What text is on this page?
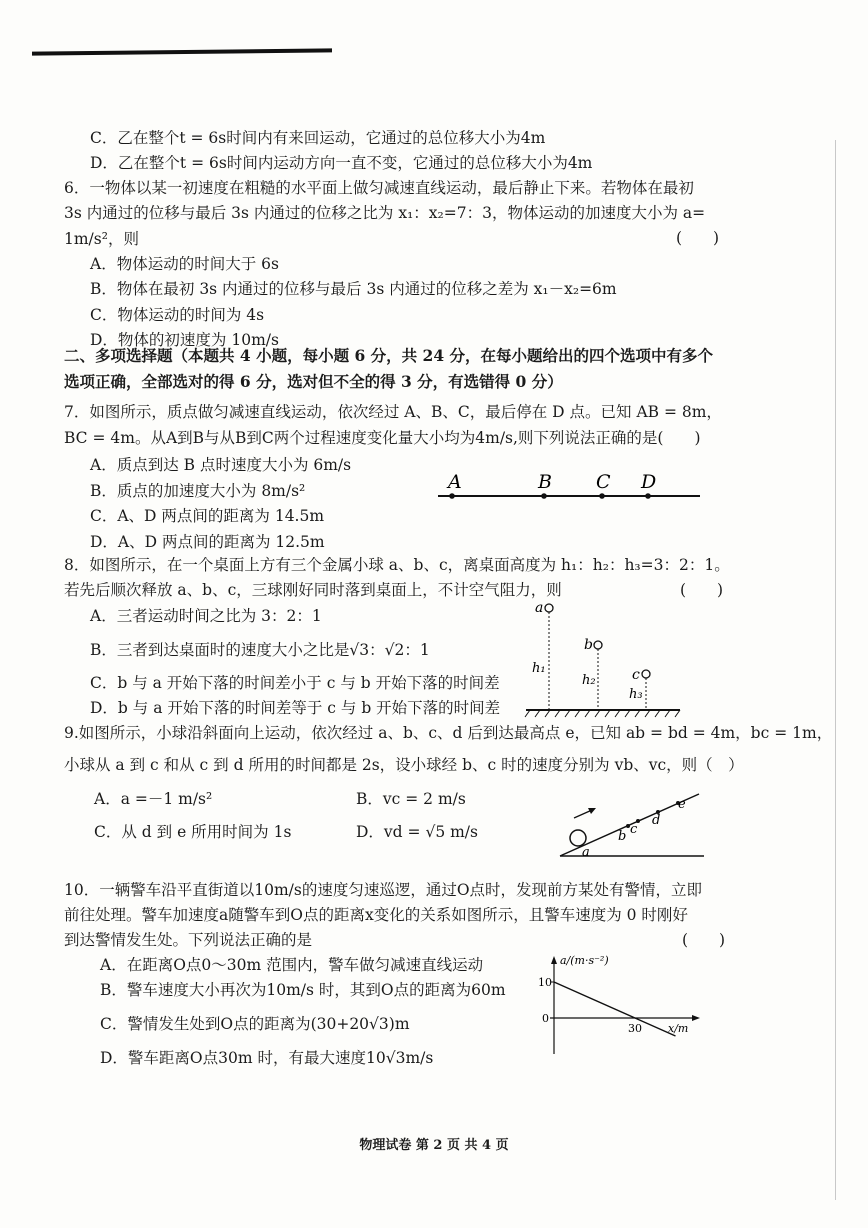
C．乙在整个t = 6s时间内有来回运动，它通过的总位移大小为4m
D．乙在整个t = 6s时间内运动方向一直不变，它通过的总位移大小为4m
6．一物体以某一初速度在粗糙的水平面上做匀减速直线运动，最后静止下来。若物体在最初
3s 内通过的位移与最后 3s 内通过的位移之比为 x₁：x₂=7：3，物体运动的加速度大小为 a=
1m/s²，则	(　　)
A．物体运动的时间大于 6s
B．物体在最初 3s 内通过的位移与最后 3s 内通过的位移之差为 x₁－x₂=6m
C．物体运动的时间为 4s
D．物体的初速度为 10m/s
二、多项选择题（本题共 4 小题，每小题 6 分，共 24 分，在每小题给出的四个选项中有多个
选项正确，全部选对的得 6 分，选对但不全的得 3 分，有选错得 0 分）
7．如图所示，质点做匀减速直线运动，依次经过 A、B、C，最后停在 D 点。已知 AB = 8m，
BC = 4m。从A到B与从B到C两个过程速度变化量大小均为4m/s,则下列说法正确的是(　　)
A．质点到达 B 点时速度大小为 6m/s
B．质点的加速度大小为 8m/s²
C．A、D 两点间的距离为 14.5m
D．A、D 两点间的距离为 12.5m
A	B C D
8．如图所示，在一个桌面上方有三个金属小球 a、b、c，离桌面高度为 h₁：h₂：h₃=3：2：1。
若先后顺次释放 a、b、c，三球刚好同时落到桌面上，不计空气阻力，则	(　　)
A．三者运动时间之比为 3：2：1
B．三者到达桌面时的速度大小之比是√3：√2：1
C．b 与 a 开始下落的时间差小于 c 与 b 开始下落的时间差
D．b 与 a 开始下落的时间差等于 c 与 b 开始下落的时间差
a
b
c
h₁
h₂
h₃
9.如图所示，小球沿斜面向上运动，依次经过 a、b、c、d 后到达最高点 e，已知 ab = bd = 4m，bc = 1m，
小球从 a 到 c 和从 c 到 d 所用的时间都是 2s，设小球经 b、c 时的速度分别为 vb、vc，则（　）
A．a =－1 m/s²	B．vc = 2 m/s
C．从 d 到 e 所用时间为 1s	D．vd = √5 m/s
a
b c
d
e
10．一辆警车沿平直街道以10m/s的速度匀速巡逻，通过O点时，发现前方某处有警情，立即
前往处理。警车加速度a随警车到O点的距离x变化的关系如图所示，且警车速度为 0 时刚好
到达警情发生处。下列说法正确的是	(　　)
A．在距离O点0～30m 范围内，警车做匀减速直线运动
B．警车速度大小再次为10m/s 时，其到O点的距离为60m
C．警情发生处到O点的距离为(30+20√3)m
D．警车距离O点30m 时，有最大速度10√3m/s
a/(m·s⁻²)
x/m
10
0
30
物理试卷 第 2 页 共 4 页
